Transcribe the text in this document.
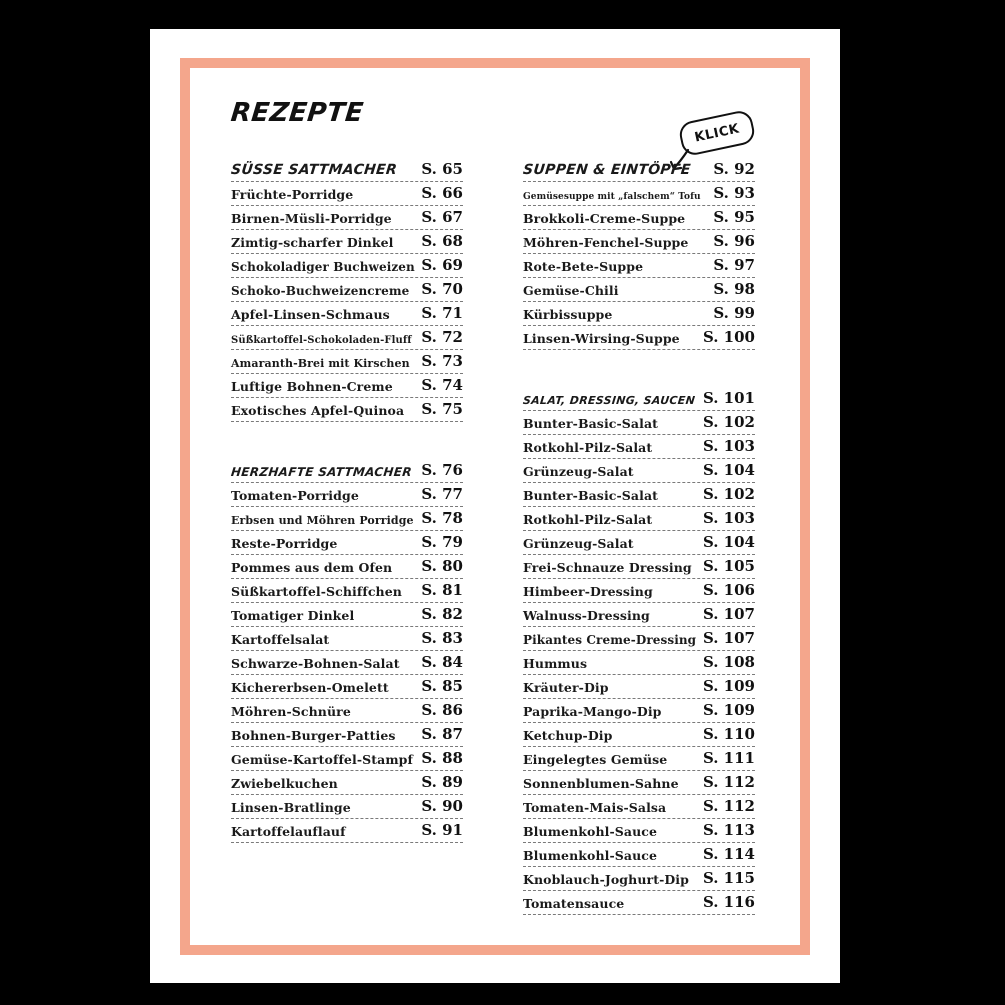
REZEPTE
KLICK
SÜSSE SATTMACHER S. 65
Früchte-Porridge	S. 66
Birnen-Müsli-Porridge S. 67
Zimtig-scharfer Dinkel S. 68
Schokoladiger Buchweizen S. 69
Schoko-Buchweizencreme S. 70
Apfel-Linsen-Schmaus S. 71
Süßkartoffel-Schokoladen-Fluff S. 72
Amaranth-Brei mit Kirschen S. 73
Luftige Bohnen-Creme S. 74
Exotisches Apfel-Quinoa S. 75
HERZHAFTE SATTMACHER S. 76
Tomaten-Porridge	S. 77
Erbsen und Möhren Porridge S. 78
Reste-Porridge	S. 79
Pommes aus dem Ofen S. 80
Süßkartoffel-Schiffchen S. 81
Tomatiger Dinkel	S. 82
Kartoffelsalat	S. 83
Schwarze-Bohnen-Salat S. 84
Kichererbsen-Omelett S. 85
Möhren-Schnüre	S. 86
Bohnen-Burger-Patties S. 87
Gemüse-Kartoffel-Stampf S. 88
Zwiebelkuchen	S. 89
Linsen-Bratlinge	S. 90
Kartoffelauflauf	S. 91
SUPPEN & EINTÖPFE S. 92
Gemüsesuppe mit „falschem“ Tofu S. 93
Brokkoli-Creme-Suppe S. 95
Möhren-Fenchel-Suppe S. 96
Rote-Bete-Suppe	S. 97
Gemüse-Chili	S. 98
Kürbissuppe	S. 99
Linsen-Wirsing-Suppe S. 100
SALAT, DRESSING, SAUCEN S. 101
Bunter-Basic-Salat	S. 102
Rotkohl-Pilz-Salat	S. 103
Grünzeug-Salat	S. 104
Bunter-Basic-Salat	S. 102
Rotkohl-Pilz-Salat	S. 103
Grünzeug-Salat	S. 104
Frei-Schnauze Dressing S. 105
Himbeer-Dressing	S. 106
Walnuss-Dressing	S. 107
Pikantes Creme-Dressing S. 107
Hummus	S. 108
Kräuter-Dip	S. 109
Paprika-Mango-Dip	S. 109
Ketchup-Dip	S. 110
Eingelegtes Gemüse S. 111
Sonnenblumen-Sahne S. 112
Tomaten-Mais-Salsa S. 112
Blumenkohl-Sauce	S. 113
Blumenkohl-Sauce	S. 114
Knoblauch-Joghurt-Dip S. 115
Tomatensauce	S. 116
